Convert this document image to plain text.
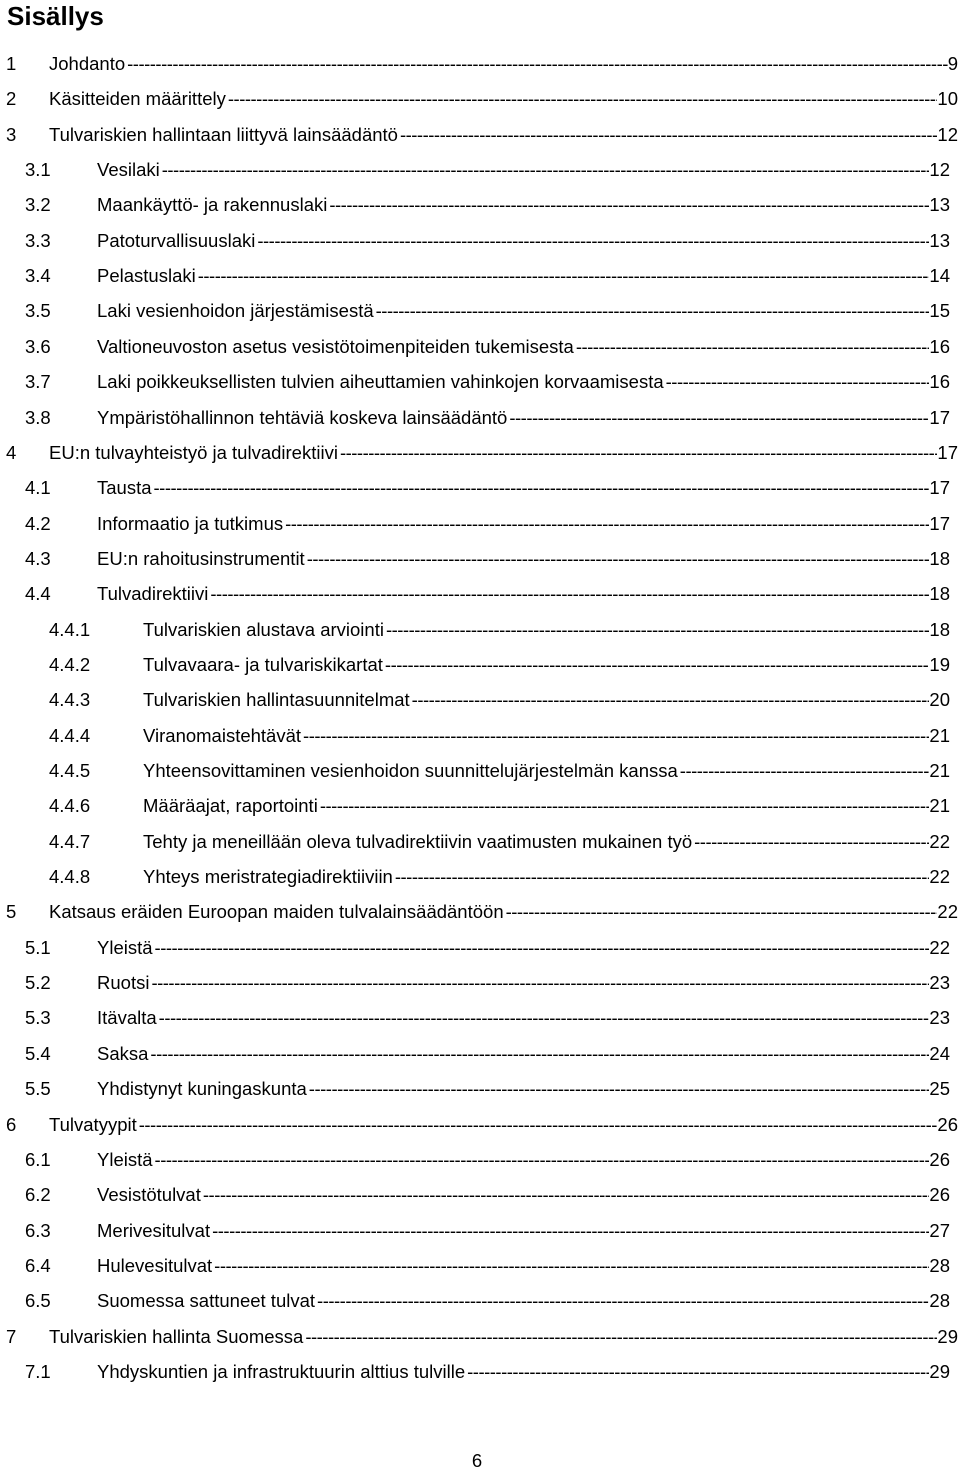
Sisällys
1 Johdanto -----	9
2 Käsitteiden määrittely -----	10
3 Tulvariskien hallintaan liittyvä lainsäädäntö -----	12
3.1	Vesilaki -----	12
3.2	Maankäyttö- ja rakennuslaki -----	13
3.3	Patoturvallisuuslaki -----	13
3.4	Pelastuslaki -----	14
3.5	Laki vesienhoidon järjestämisestä -----	15
3.6	Valtioneuvoston asetus vesistötoimenpiteiden tukemisesta -----	16
3.7	Laki poikkeuksellisten tulvien aiheuttamien vahinkojen korvaamisesta -----	16
3.8	Ympäristöhallinnon tehtäviä koskeva lainsäädäntö -----	17
4 EU:n tulvayhteistyö ja tulvadirektiivi -----	17
4.1	Tausta -----	17
4.2	Informaatio ja tutkimus -----	17
4.3	EU:n rahoitusinstrumentit -----	18
4.4	Tulvadirektiivi -----	18
4.4.1	Tulvariskien alustava arviointi -----	18
4.4.2	Tulvavaara- ja tulvariskikartat -----	19
4.4.3	Tulvariskien hallintasuunnitelmat -----	20
4.4.4	Viranomaistehtävät -----	21
4.4.5	Yhteensovittaminen vesienhoidon suunnittelujärjestelmän kanssa -----	21
4.4.6	Määräajat, raportointi -----	21
4.4.7	Tehty ja meneillään oleva tulvadirektiivin vaatimusten mukainen työ -----	22
4.4.8	Yhteys meristrategiadirektiiviin -----	22
5 Katsaus eräiden Euroopan maiden tulvalainsäädäntöön -----	22
5.1	Yleistä -----	22
5.2	Ruotsi -----	23
5.3	Itävalta -----	23
5.4	Saksa -----	24
5.5	Yhdistynyt kuningaskunta -----	25
6 Tulvatyypit -----	26
6.1	Yleistä -----	26
6.2	Vesistötulvat -----	26
6.3	Merivesitulvat -----	27
6.4	Hulevesitulvat -----	28
6.5	Suomessa sattuneet tulvat -----	28
7 Tulvariskien hallinta Suomessa -----	29
7.1	Yhdyskuntien ja infrastruktuurin alttius tulville -----	29
6
